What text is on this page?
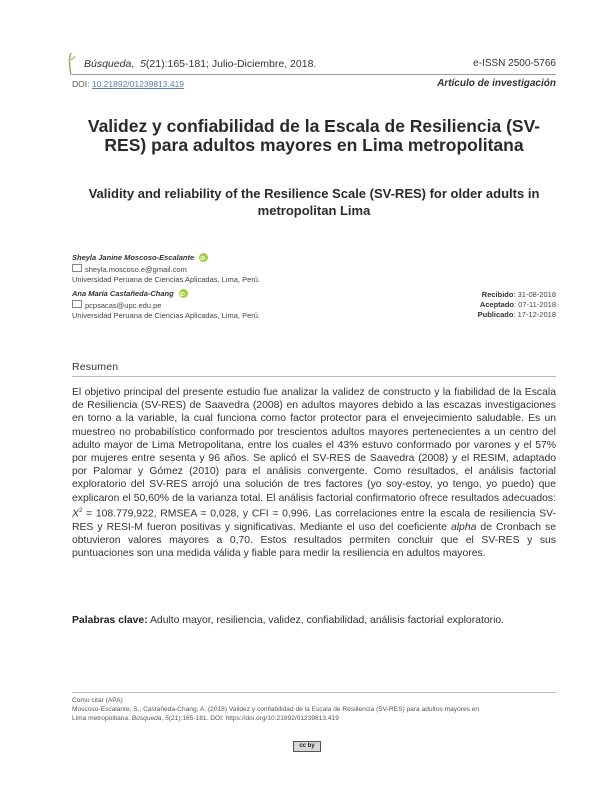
Búsqueda,  5(21):165-181; Julio-Diciembre, 2018.	e-ISSN 2500-5766
DOI: 10.21892/01239813.419	Artículo de investigación
Validez y confiabilidad de la Escala de Resiliencia (SV-RES) para adultos mayores en Lima metropolitana
Validity and reliability of the Resilience Scale (SV-RES) for older adults in metropolitan Lima
Sheyla Janine Moscoso-Escalante iD
sheyla.moscoso.e@gmail.com
Universidad Peruana de Ciencias Aplicadas, Lima, Perú.
Ana María Castañeda-Chang iD
pcpsacas@upc.edu.pe
Universidad Peruana de Ciencias Aplicadas, Lima, Perú.
Recibido: 31-08-2018
Aceptado: 07-11-2018
Publicado: 17-12-2018
Resumen
El objetivo principal del presente estudio fue analizar la validez de constructo y la fiabilidad de la Escala de Resiliencia (SV-RES) de Saavedra (2008) en adultos mayores debido a las escazas investigaciones en torno a la variable, la cual funciona como factor protector para el envejecimiento saludable. Es un muestreo no probabilístico conformado por trescientos adultos mayores pertenecientes a un centro del adulto mayor de Lima Metropolitana, entre los cuales el 43% estuvo conformado por varones y el 57% por mujeres entre sesenta y 96 años. Se aplicó el SV-RES de Saavedra (2008) y el RESIM, adaptado por Palomar y Gómez (2010) para el análisis convergente. Como resultados, el análisis factorial exploratorio del SV-RES arrojó una solución de tres factores (yo soy-estoy, yo tengo, yo puedo) que explicaron el 50,60% de la varianza total. El análisis factorial confirmatorio ofrece resultados adecuados: $X^2 = 108.779,922$, RMSEA = 0,028, y CFI = 0,996. Las correlaciones entre la escala de resiliencia SV-RES y RESI-M fueron positivas y significativas. Mediante el uso del coeficiente alpha de Cronbach se obtuvieron valores mayores a 0,70. Estos resultados permiten concluir que el SV-RES y sus puntuaciones son una medida válida y fiable para medir la resiliencia en adultos mayores.
Palabras clave: Adulto mayor, resiliencia, validez, confiabilidad, análisis factorial exploratorio.
Como citar (APA)
Moscoso-Escalante, S., Castañeda-Chang, A. (2018) Validez y confiabilidad de la Escala de Resiliencia (SV-RES) para adultos mayores en
Lima metropolitana. Búsqueda, 5(21):165-181. DOI: https://doi.org/10.21892/01239813.419
cc by
